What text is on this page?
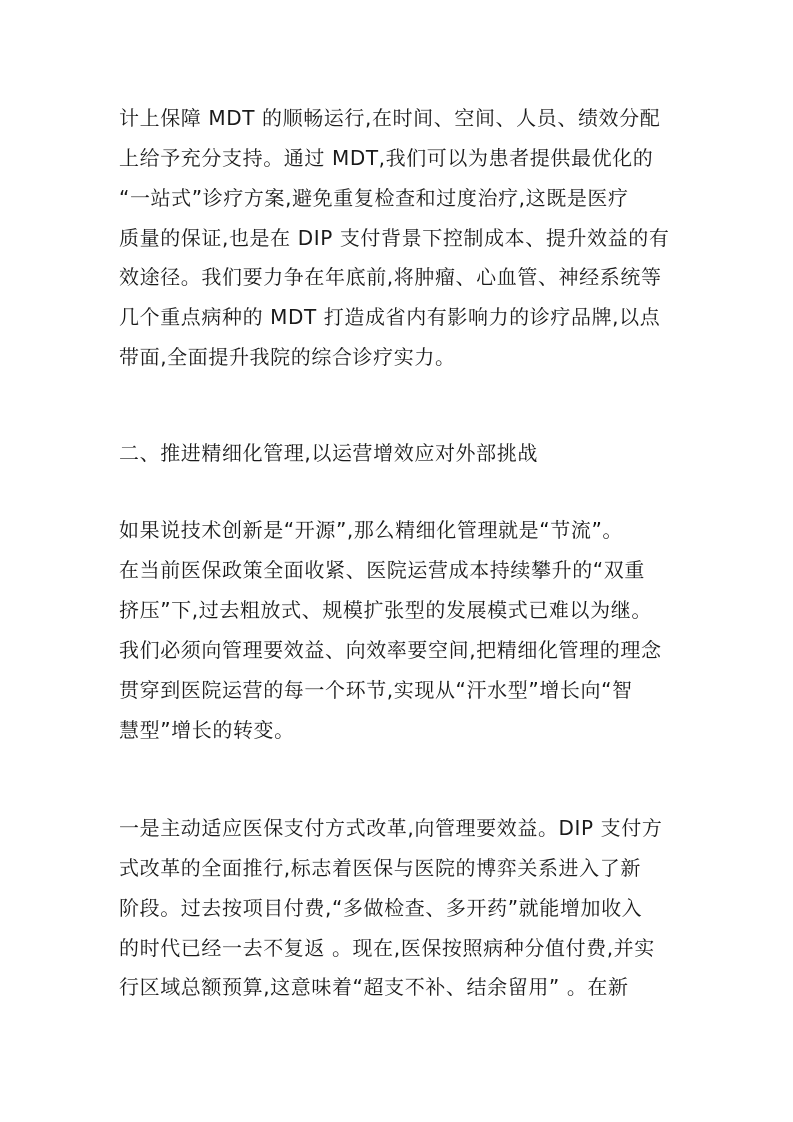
计上保障 MDT 的顺畅运行,在时间、空间、人员、绩效分配
上给予充分支持。通过 MDT,我们可以为患者提供最优化的
“一站式”诊疗方案,避免重复检查和过度治疗,这既是医疗
质量的保证,也是在 DIP 支付背景下控制成本、提升效益的有
效途径。我们要力争在年底前,将肿瘤、心血管、神经系统等
几个重点病种的 MDT 打造成省内有影响力的诊疗品牌,以点
带面,全面提升我院的综合诊疗实力。
二、推进精细化管理,以运营增效应对外部挑战
如果说技术创新是“开源”,那么精细化管理就是“节流”。
在当前医保政策全面收紧、医院运营成本持续攀升的“双重
挤压”下,过去粗放式、规模扩张型的发展模式已难以为继。
我们必须向管理要效益、向效率要空间,把精细化管理的理念
贯穿到医院运营的每一个环节,实现从“汗水型”增长向“智
慧型”增长的转变。
一是主动适应医保支付方式改革,向管理要效益。DIP 支付方
式改革的全面推行,标志着医保与医院的博弈关系进入了新
阶段。过去按项目付费,“多做检查、多开药”就能增加收入
的时代已经一去不复返 。现在,医保按照病种分值付费,并实
行区域总额预算,这意味着“超支不补、结余留用” 。在新
